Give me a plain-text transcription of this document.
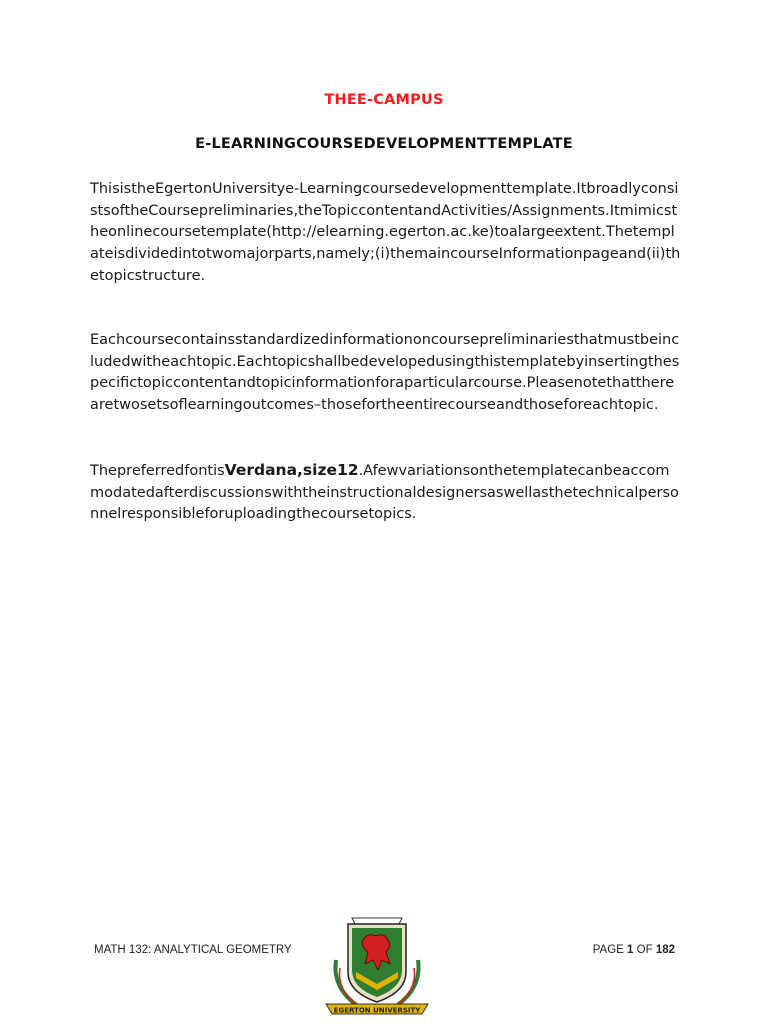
THEE-CAMPUS
E-LEARNINGCOURSEDEVELOPMENTTEMPLATE
ThisistheEgertonUniversitye-Learningcoursedevelopmenttemplate.ItbroadlyconsistsoftheCoursepreliminaries,theTopiccontentandActivities/Assignments.Itmimicstheonlinecoursetemplate(http://elearning.egerton.ac.ke)toalargeextent.Thetemplateisdividedintotwomajorparts,namely;(i)themaincourseInformationpageand(ii)thetopicstructure.
Eachcoursecontainsstandardizedinformationoncoursepreliminariesthatmustbeincludedwitheachtopic.Eachtopicshallbedevelopedusingthistemplatebyinsertingthespecifictopiccontentandtopicinformationforaparticularcourse.Pleasenotethattherearetwosetsoflearningoutcomes–thosefortheentirecourseandthoseforeachtopic.
ThepreferredfontisVerdana,size12.Afewvariationsonthetemplatecanbeaccommodatedafterdiscussionswiththeinstructionaldesignersaswellasthetechnicalpersonnelresponsibleforuploadingthecoursetopics.
MATH 132: ANALYTICAL GEOMETRY
EGERTON UNIVERSITY
PAGE 1 OF 182
